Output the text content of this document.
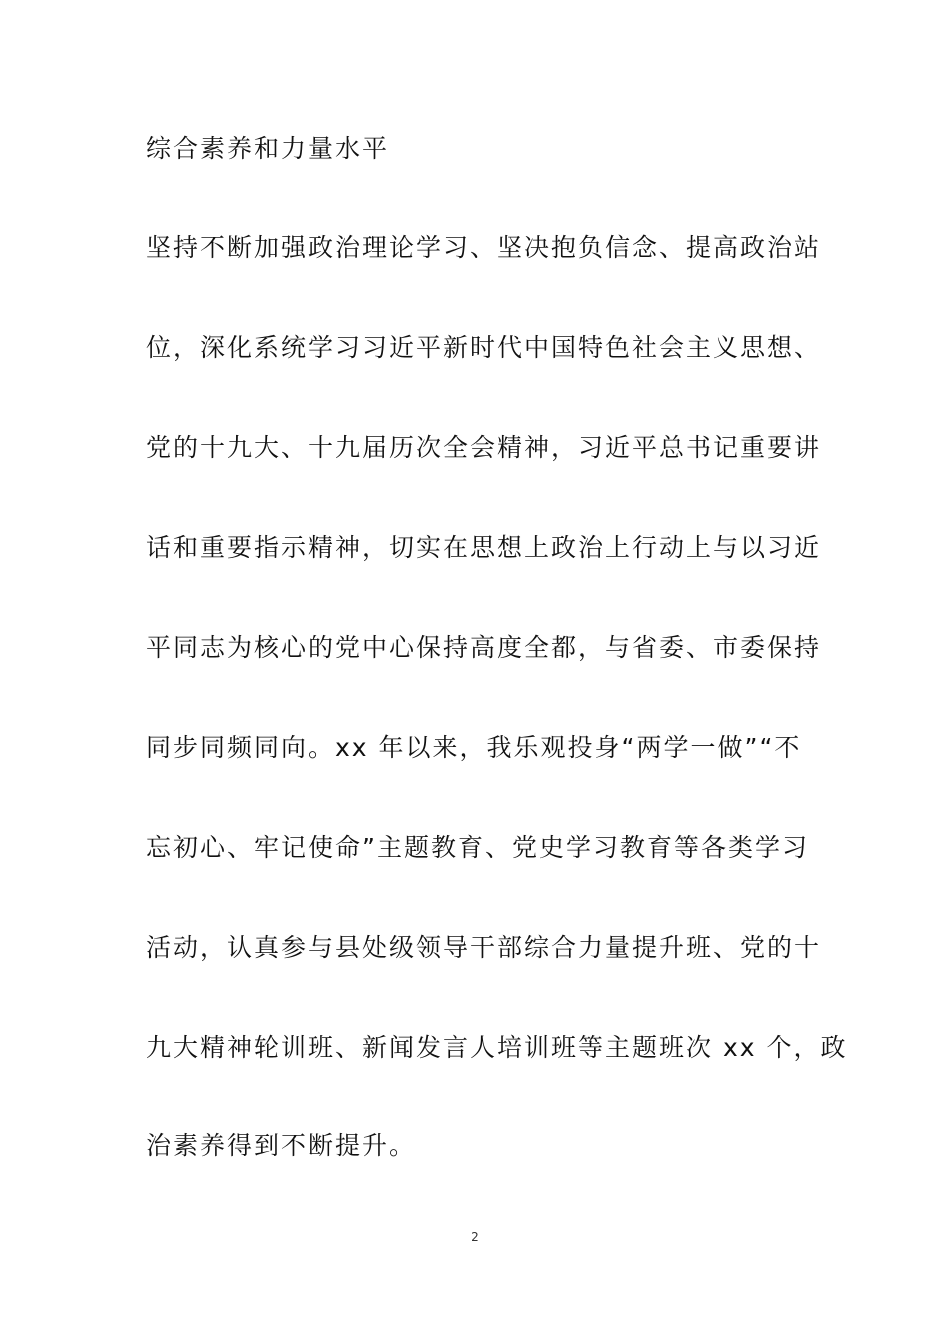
综合素养和力量水平
坚持不断加强政治理论学习、坚决抱负信念、提高政治站
位，深化系统学习习近平新时代中国特色社会主义思想、
党的十九大、十九届历次全会精神，习近平总书记重要讲
话和重要指示精神，切实在思想上政治上行动上与以习近
平同志为核心的党中心保持高度全都，与省委、市委保持
同步同频同向。xx 年以来，我乐观投身“两学一做”“不
忘初心、牢记使命”主题教育、党史学习教育等各类学习
活动，认真参与县处级领导干部综合力量提升班、党的十
九大精神轮训班、新闻发言人培训班等主题班次 xx 个，政
治素养得到不断提升。
2
